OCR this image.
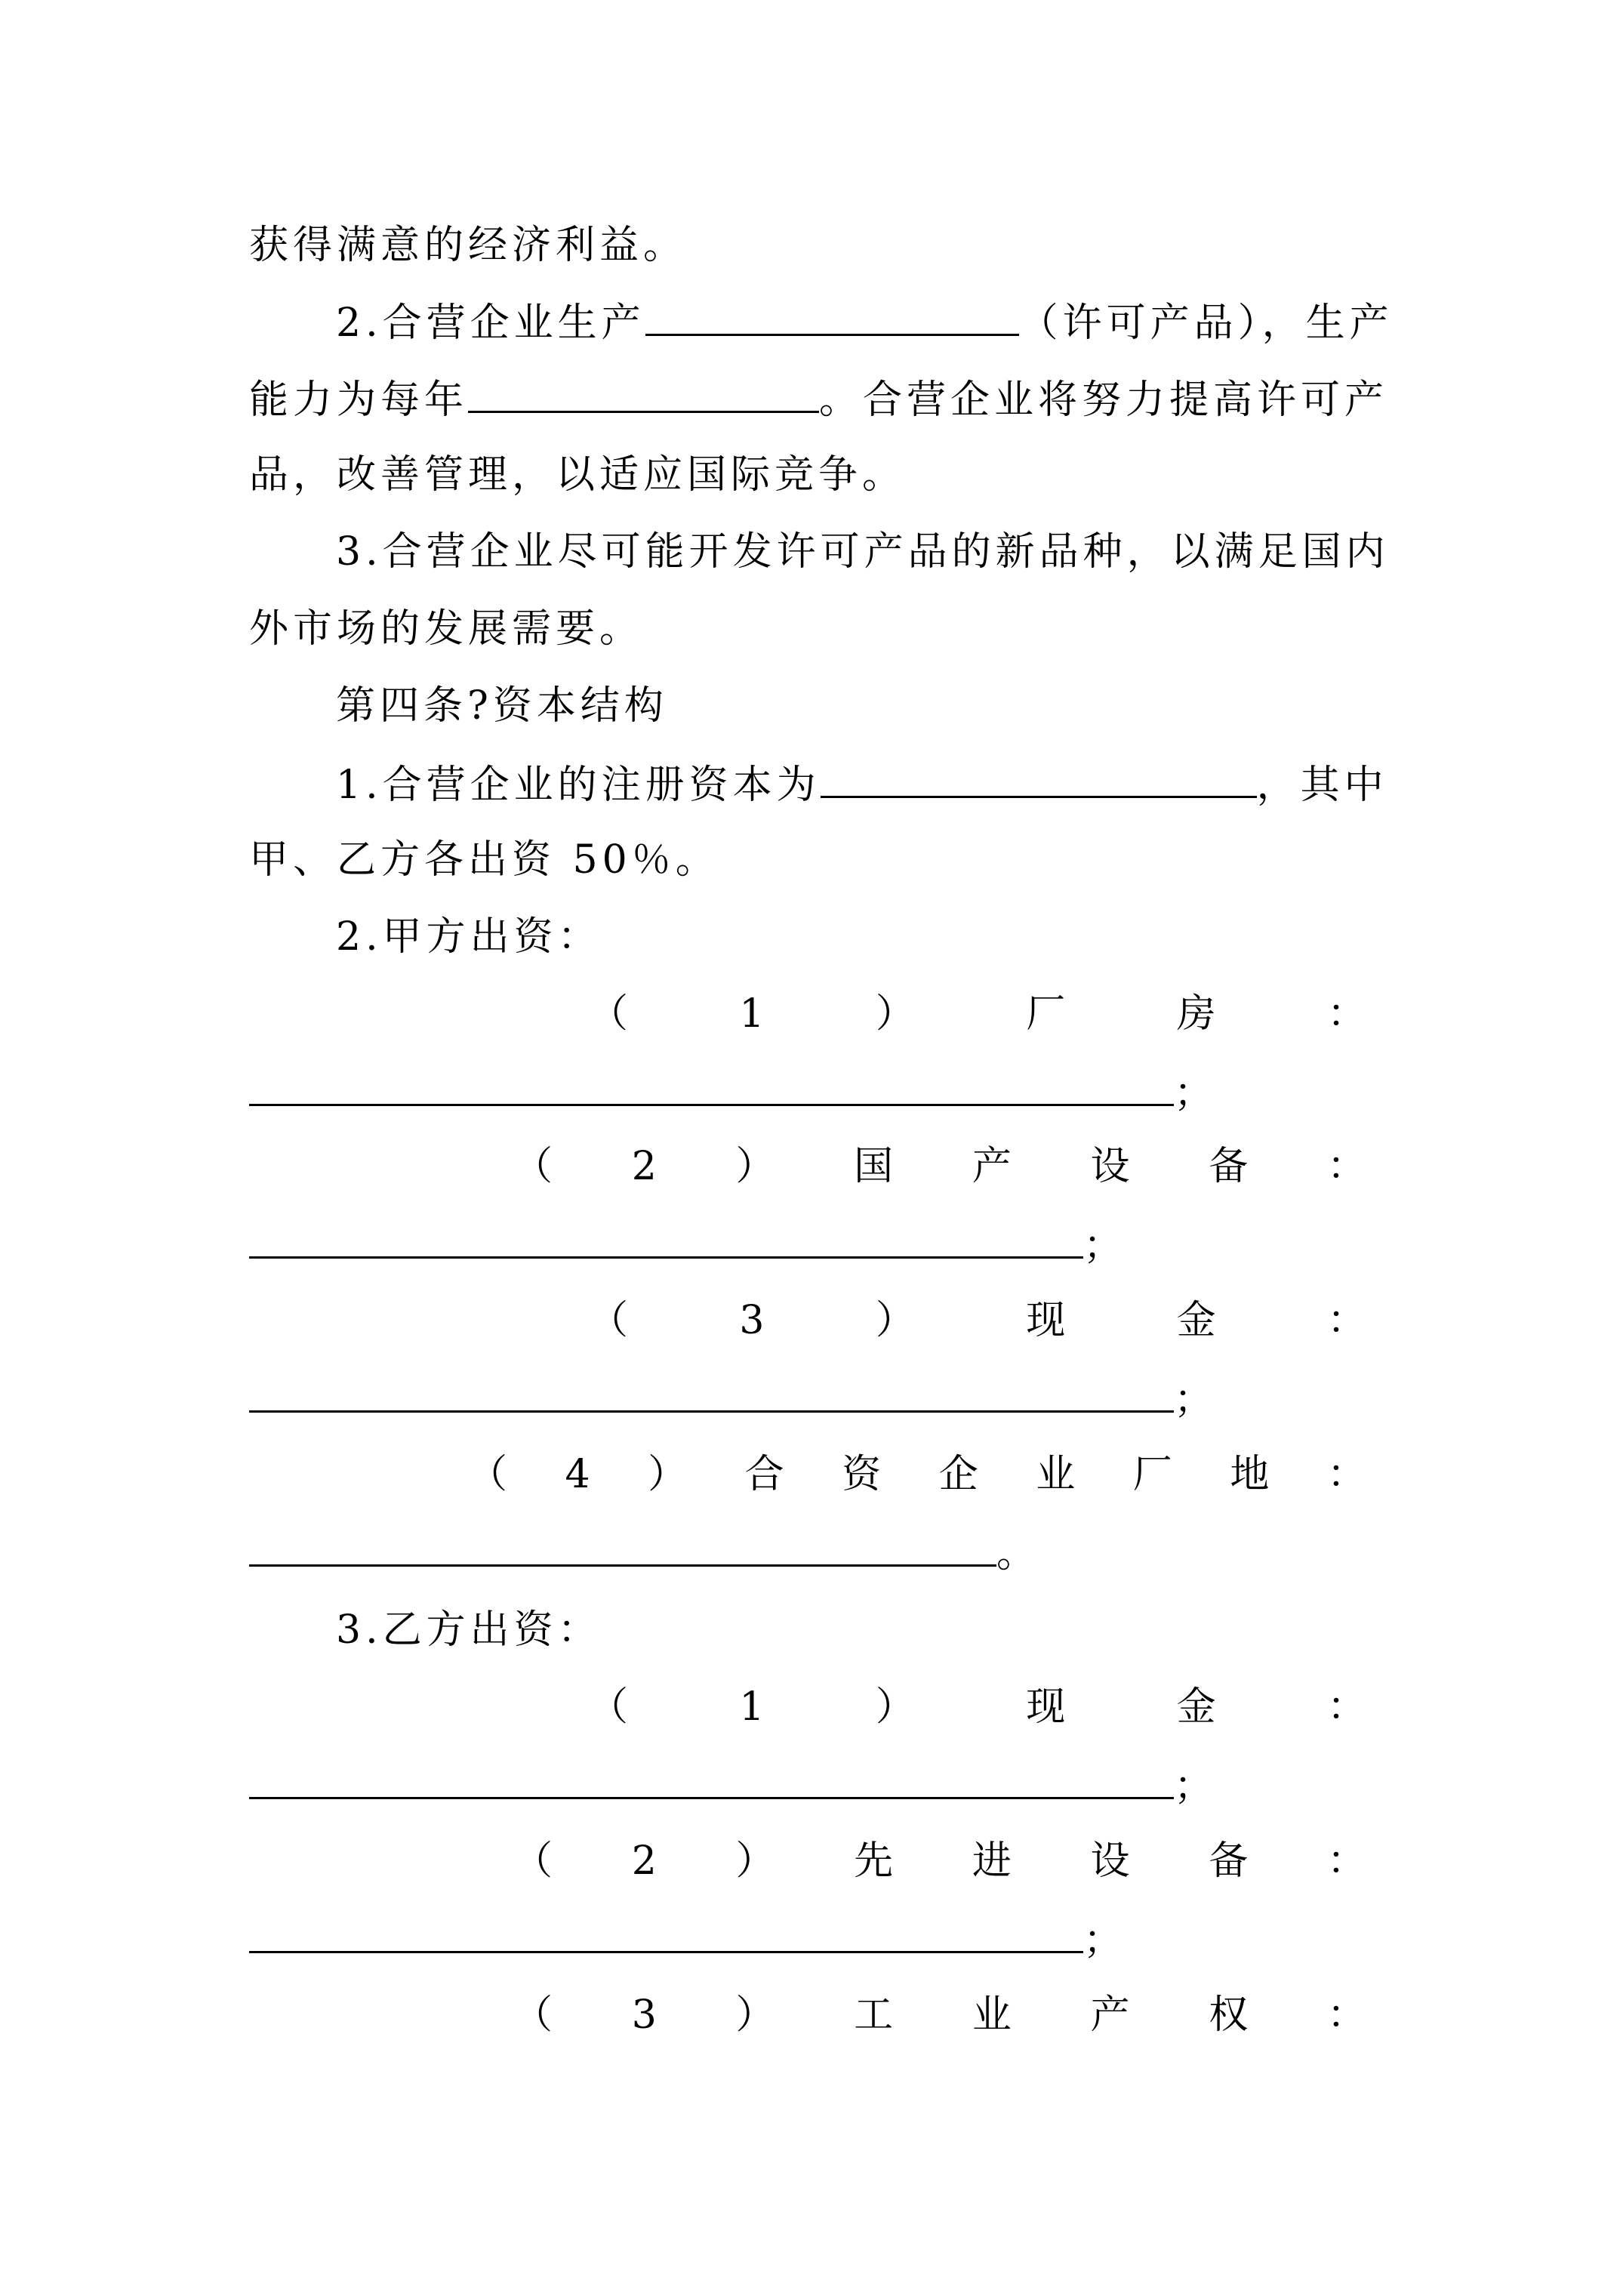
获得满意的经济利益。
2.合营企业生产	（许可产品），生产
能力为每年	。合营企业将努力提高许可产
品，改善管理，以适应国际竞争。
3.合营企业尽可能开发许可产品的新品种，以满足国内
外市场的发展需要。
第四条?资本结构
1.合营企业的注册资本为	，其中
甲、乙方各出资 50％。
2.甲方出资：
（	1	）	厂	房	：
；
（ 2 ） 国 产 设 备 ：
；
（	3	）	现	金	：
；
（ 4 ） 合 资 企 业 厂 地 ：
。
3.乙方出资：
（	1	）	现	金	：
；
（ 2 ） 先 进 设 备 ：
；
（ 3 ） 工 业 产 权 ：
